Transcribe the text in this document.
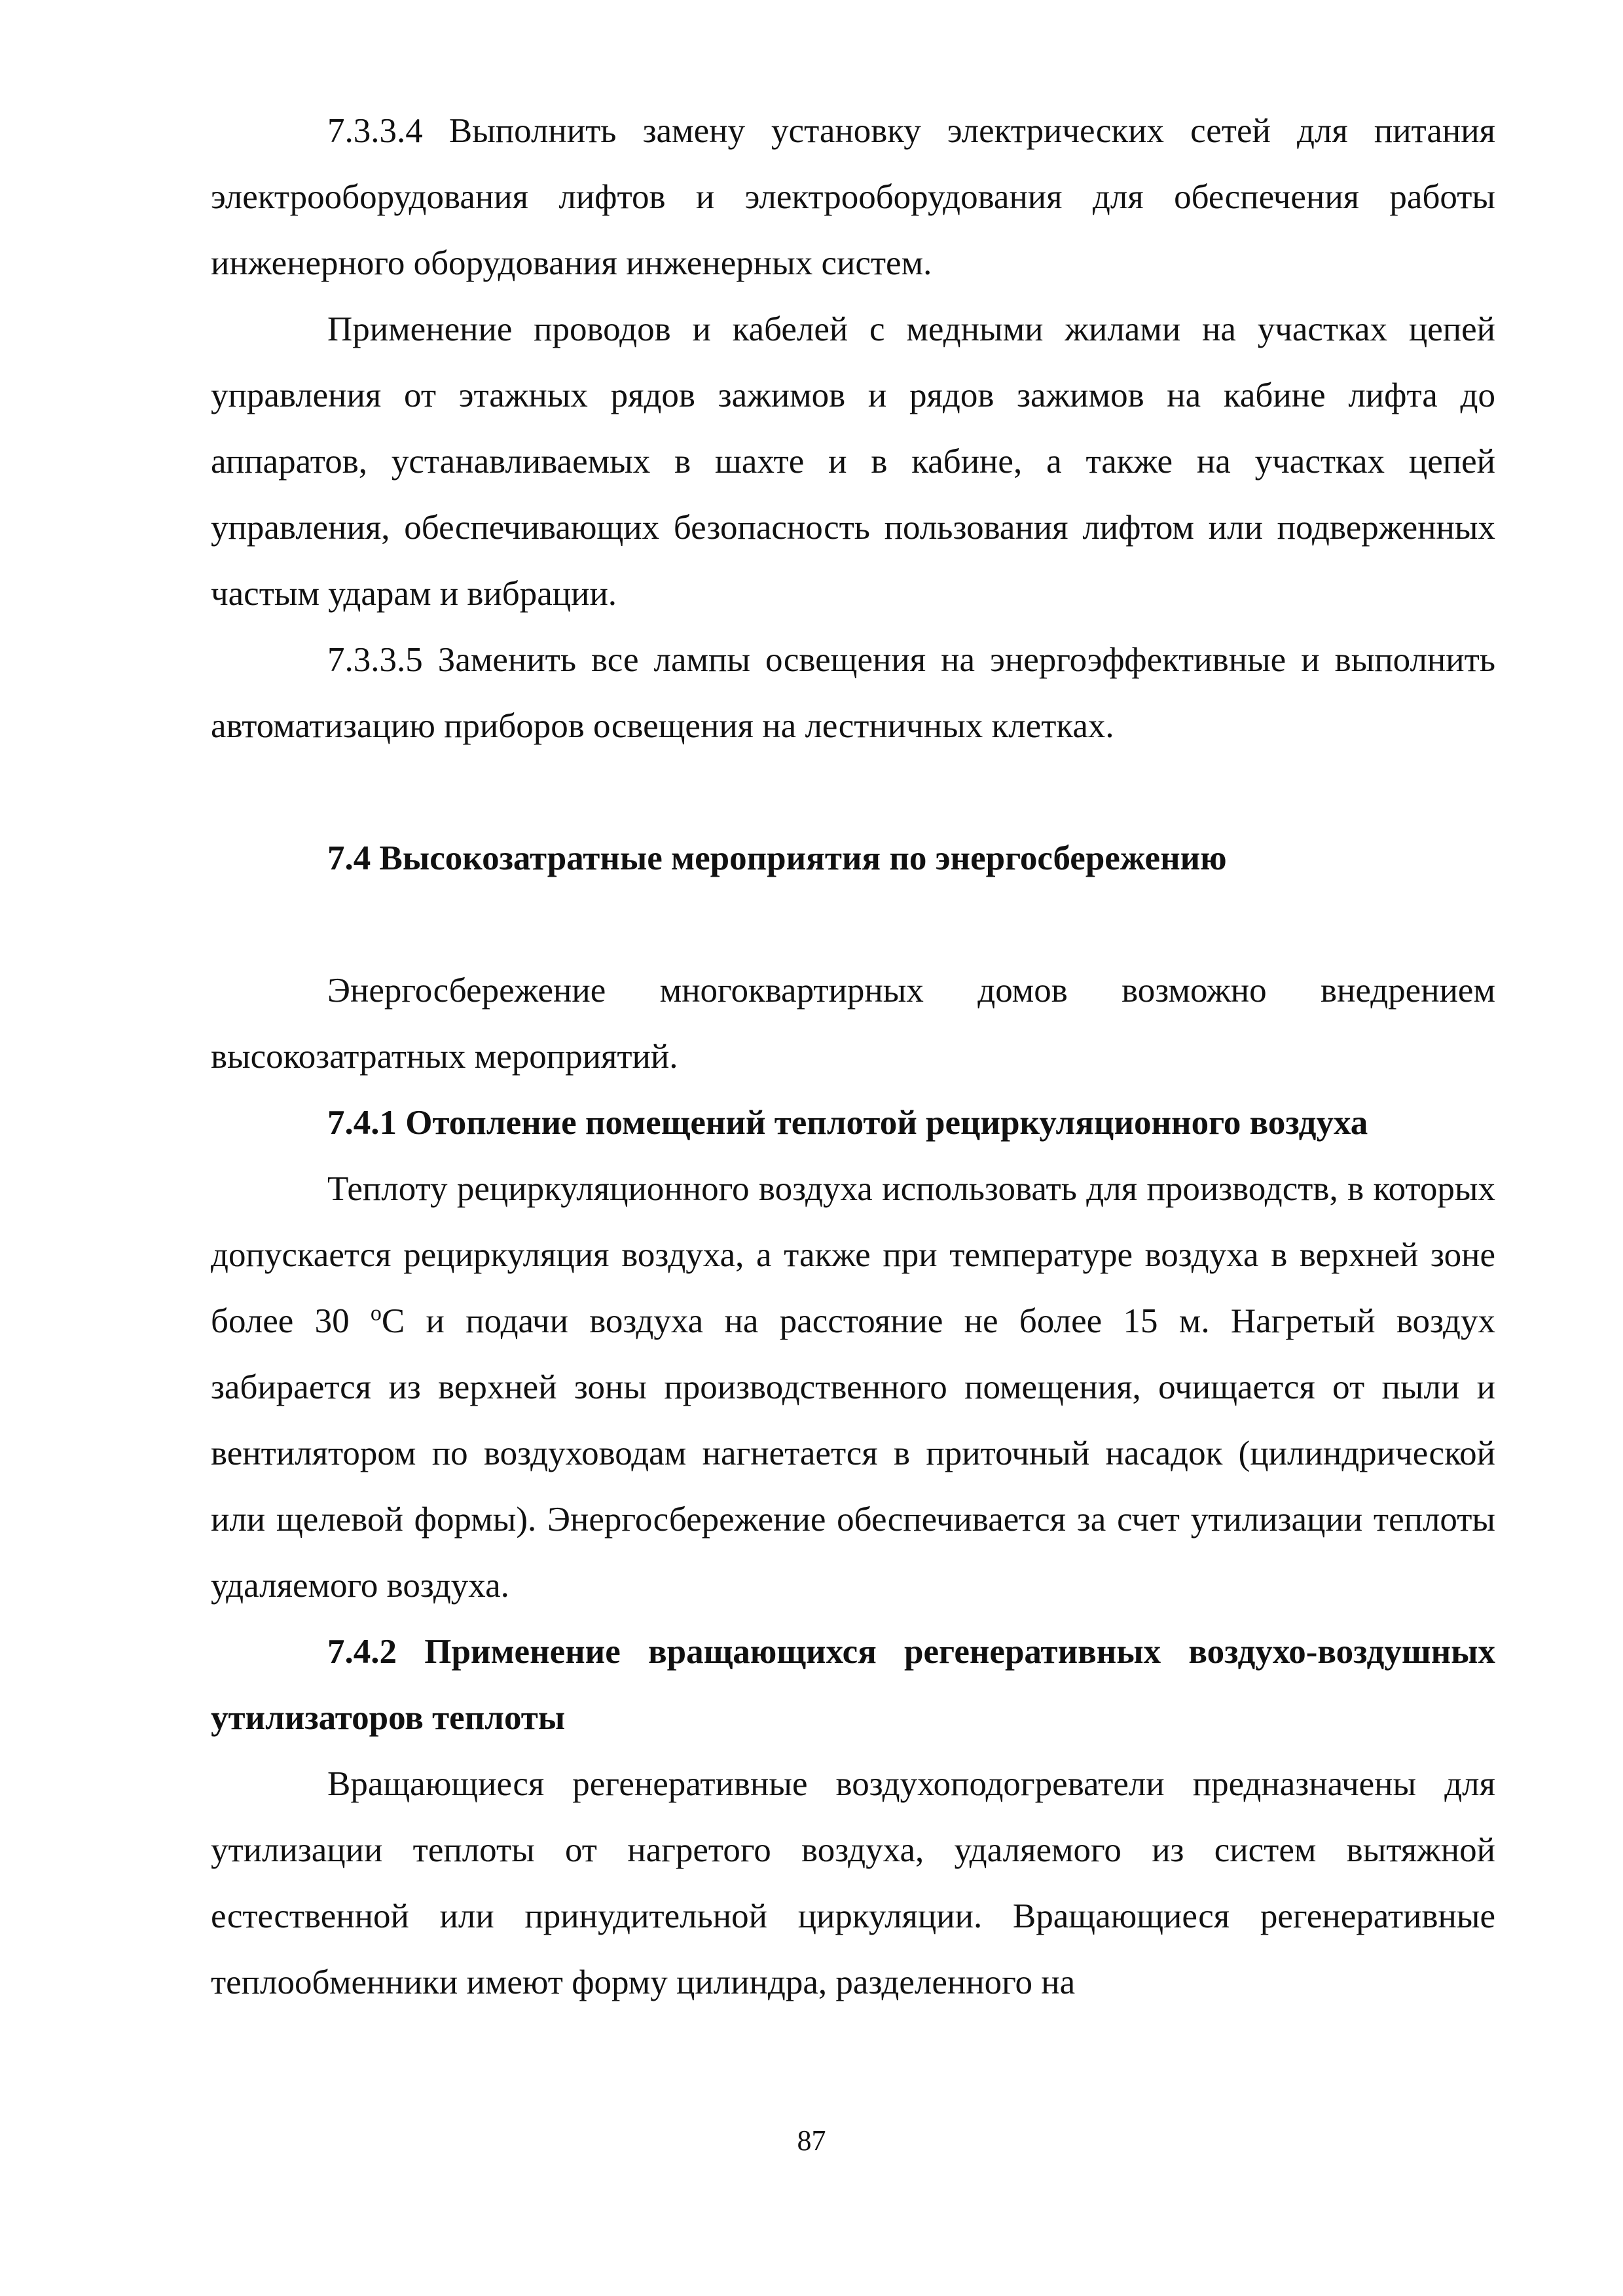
7.3.3.4 Выполнить замену установку электрических сетей для питания электрооборудования лифтов и электрооборудования для обеспечения работы инженерного оборудования инженерных систем.

Применение проводов и кабелей с медными жилами на участках цепей управления от этажных рядов зажимов и рядов зажимов на кабине лифта до аппаратов, устанавливаемых в шахте и в кабине, а также на участках цепей управления, обеспечивающих безопасность пользования лифтом или подверженных частым ударам и вибрации.

7.3.3.5 Заменить все лампы освещения на энергоэффективные и выполнить автоматизацию приборов освещения на лестничных клетках.

7.4 Высокозатратные мероприятия по энергосбережению

Энергосбережение многоквартирных домов возможно внедрением высокозатратных мероприятий.

7.4.1 Отопление помещений теплотой рециркуляционного воздуха

Теплоту рециркуляционного воздуха использовать для производств, в которых допускается рециркуляция воздуха, а также при температуре воздуха в верхней зоне более 30 $^o$С и подачи воздуха на расстояние не более 15 м. Нагретый воздух забирается из верхней зоны производственного помещения, очищается от пыли и вентилятором по воздуховодам нагнетается в приточный насадок (цилиндрической или щелевой формы). Энергосбережение обеспечивается за счет утилизации теплоты удаляемого воздуха.

7.4.2 Применение вращающихся регенеративных воздухо-воздушных утилизаторов теплоты

Вращающиеся регенеративные воздухоподогреватели предназначены для утилизации теплоты от нагретого воздуха, удаляемого из систем вытяжной естественной или принудительной циркуляции. Вращающиеся регенеративные теплообменники имеют форму цилиндра, разделенного на

87
